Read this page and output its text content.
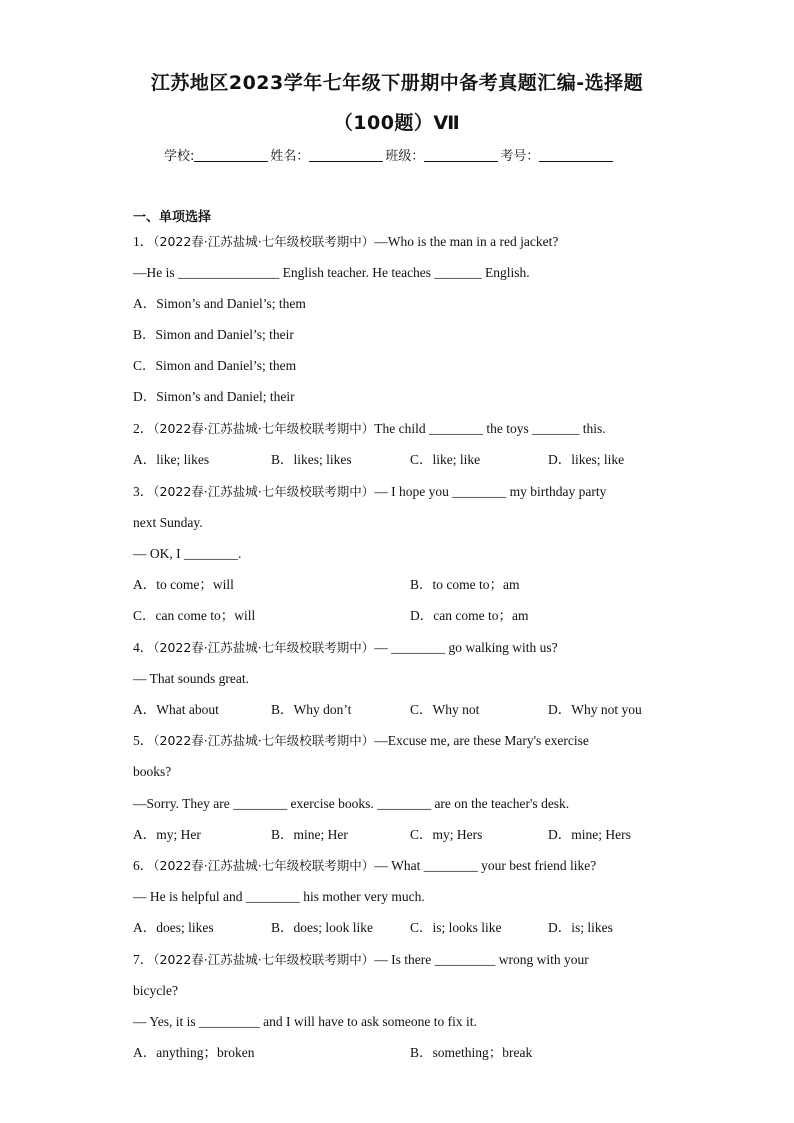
江苏地区2023学年七年级下册期中备考真题汇编-选择题
（100题）Ⅶ
学校:	姓名：	班级：	考号：
一、单项选择
1．（2022春·江苏盐城·七年级校联考期中）—Who is the man in a red jacket?
—He is _______________ English teacher. He teaches _______ English.
A．Simon’s and Daniel’s; them
B．Simon and Daniel’s; their
C．Simon and Daniel’s; them
D．Simon’s and Daniel; their
2．（2022春·江苏盐城·七年级校联考期中）The child ________ the toys _______ this.
A．like; likes	B．likes; likes	C．like; like	D．likes; like
3．（2022春·江苏盐城·七年级校联考期中）— I hope you ________ my birthday party
next Sunday.
— OK, I ________.
A．to come；will	B．to come to；am
C．can come to；will	D．can come to；am
4．（2022春·江苏盐城·七年级校联考期中）— ________ go walking with us?
— That sounds great.
A．What about	B．Why don’t	C．Why not	D．Why not you
5．（2022春·江苏盐城·七年级校联考期中）—Excuse me, are these Mary's exercise
books?
—Sorry. They are ________ exercise books. ________ are on the teacher's desk.
A．my; Her	B．mine; Her	C．my; Hers	D．mine; Hers
6．（2022春·江苏盐城·七年级校联考期中）— What ________ your best friend like?
— He is helpful and ________ his mother very much.
A．does; likes	B．does; look like	C．is; looks like	D．is; likes
7．（2022春·江苏盐城·七年级校联考期中）— Is there _________ wrong with your
bicycle?
— Yes, it is _________ and I will have to ask someone to fix it.
A．anything；broken	B．something；break
